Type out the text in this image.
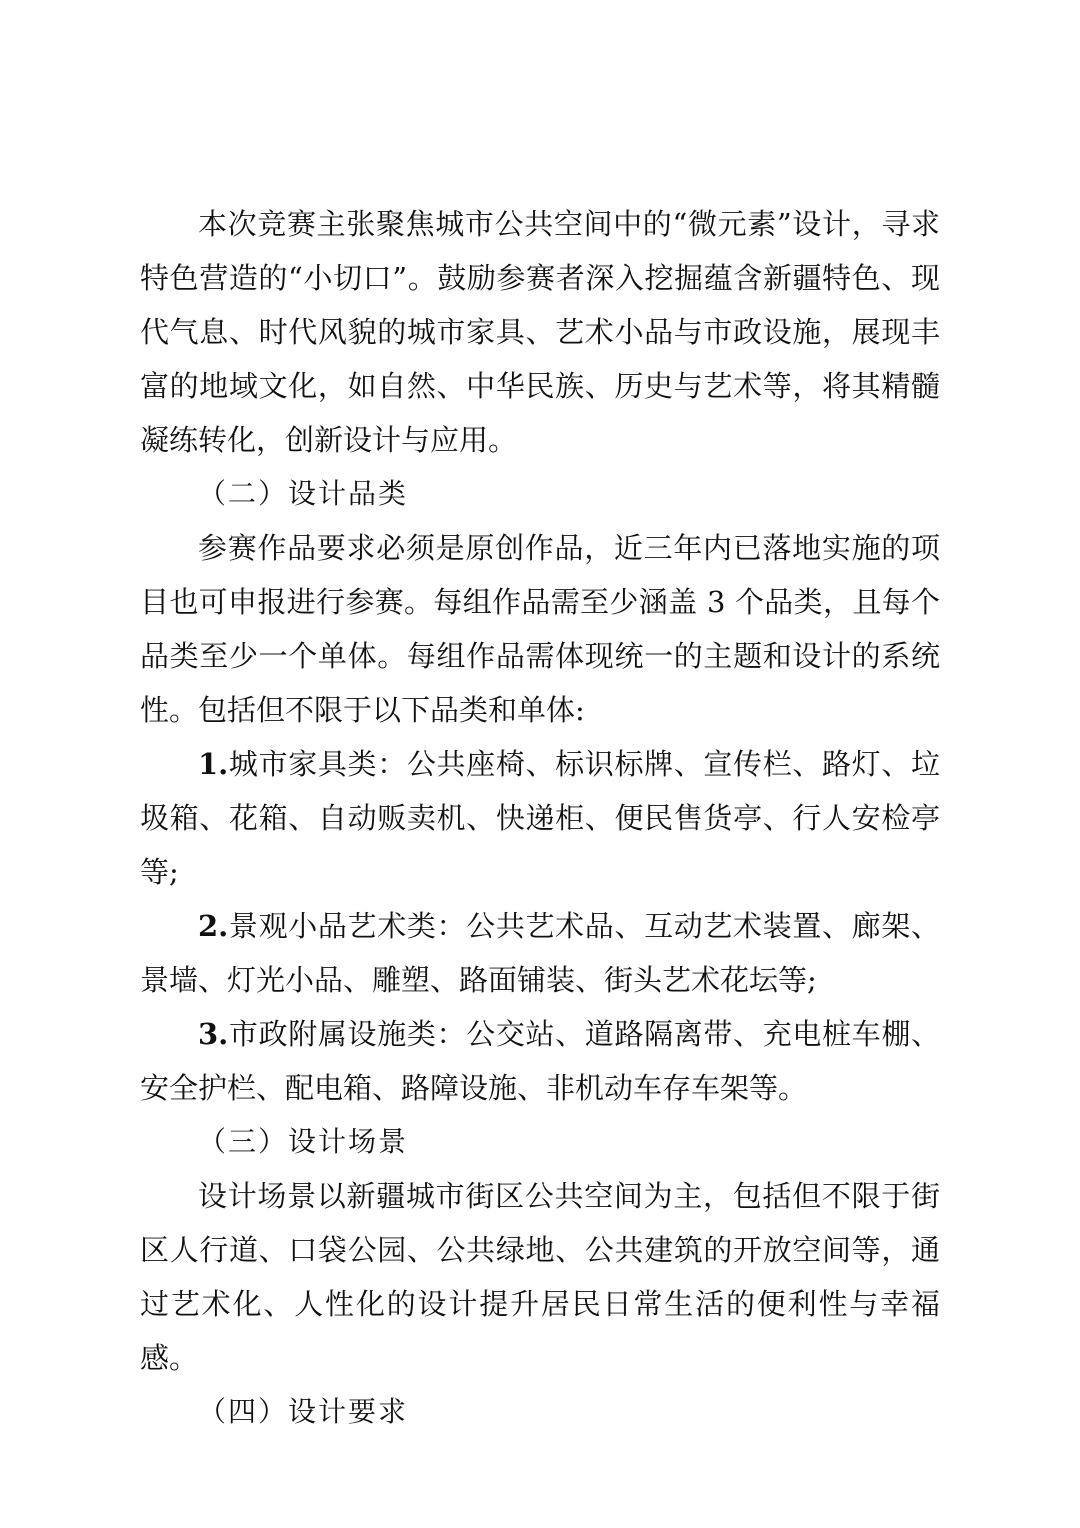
本次竞赛主张聚焦城市公共空间中的“微元素”设计，寻求特色营造的“小切口”。鼓励参赛者深入挖掘蕴含新疆特色、现代气息、时代风貌的城市家具、艺术小品与市政设施，展现丰富的地域文化，如自然、中华民族、历史与艺术等，将其精髓凝练转化，创新设计与应用。

（二）设计品类

参赛作品要求必须是原创作品，近三年内已落地实施的项目也可申报进行参赛。每组作品需至少涵盖 3 个品类，且每个品类至少一个单体。每组作品需体现统一的主题和设计的系统性。包括但不限于以下品类和单体:

1.城市家具类：公共座椅、标识标牌、宣传栏、路灯、垃圾箱、花箱、自动贩卖机、快递柜、便民售货亭、行人安检亭等;

2.景观小品艺术类：公共艺术品、互动艺术装置、廊架、景墙、灯光小品、雕塑、路面铺装、街头艺术花坛等;

3.市政附属设施类：公交站、道路隔离带、充电桩车棚、安全护栏、配电箱、路障设施、非机动车存车架等。

（三）设计场景

设计场景以新疆城市街区公共空间为主，包括但不限于街区人行道、口袋公园、公共绿地、公共建筑的开放空间等，通过艺术化、人性化的设计提升居民日常生活的便利性与幸福感。

（四）设计要求
